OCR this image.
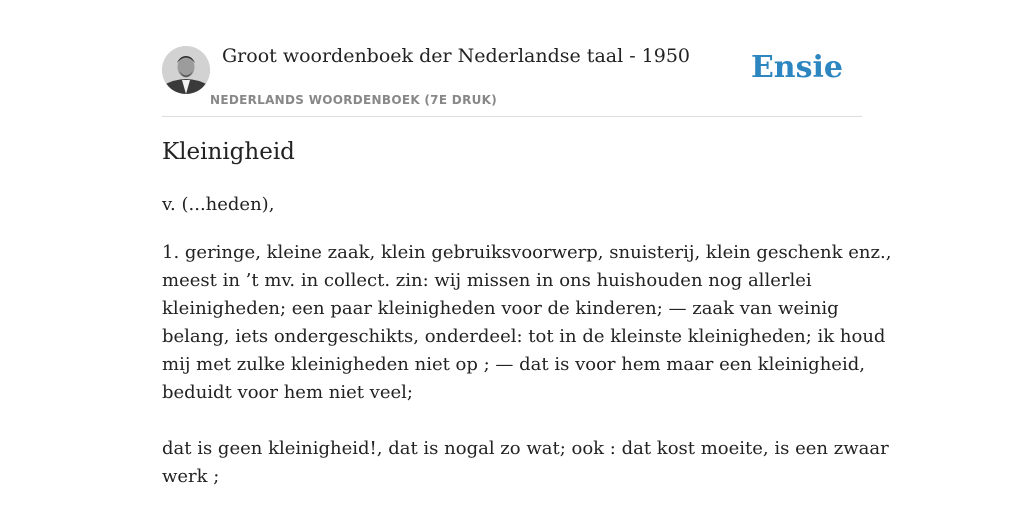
Groot woordenboek der Nederlandse taal - 1950
NEDERLANDS WOORDENBOEK (7E DRUK)
Ensie
Kleinigheid

v. (...heden),

1. geringe, kleine zaak, klein gebruiksvoorwerp, snuisterij, klein geschenk enz.,
meest in ’t mv. in collect. zin: wij missen in ons huishouden nog allerlei
kleinigheden; een paar kleinigheden voor de kinderen; — zaak van weinig
belang, iets ondergeschikts, onderdeel: tot in de kleinste kleinigheden; ik houd
mij met zulke kleinigheden niet op ; — dat is voor hem maar een kleinigheid,
beduidt voor hem niet veel;
dat is geen kleinigheid!, dat is nogal zo wat; ook : dat kost moeite, is een zwaar
werk ;
